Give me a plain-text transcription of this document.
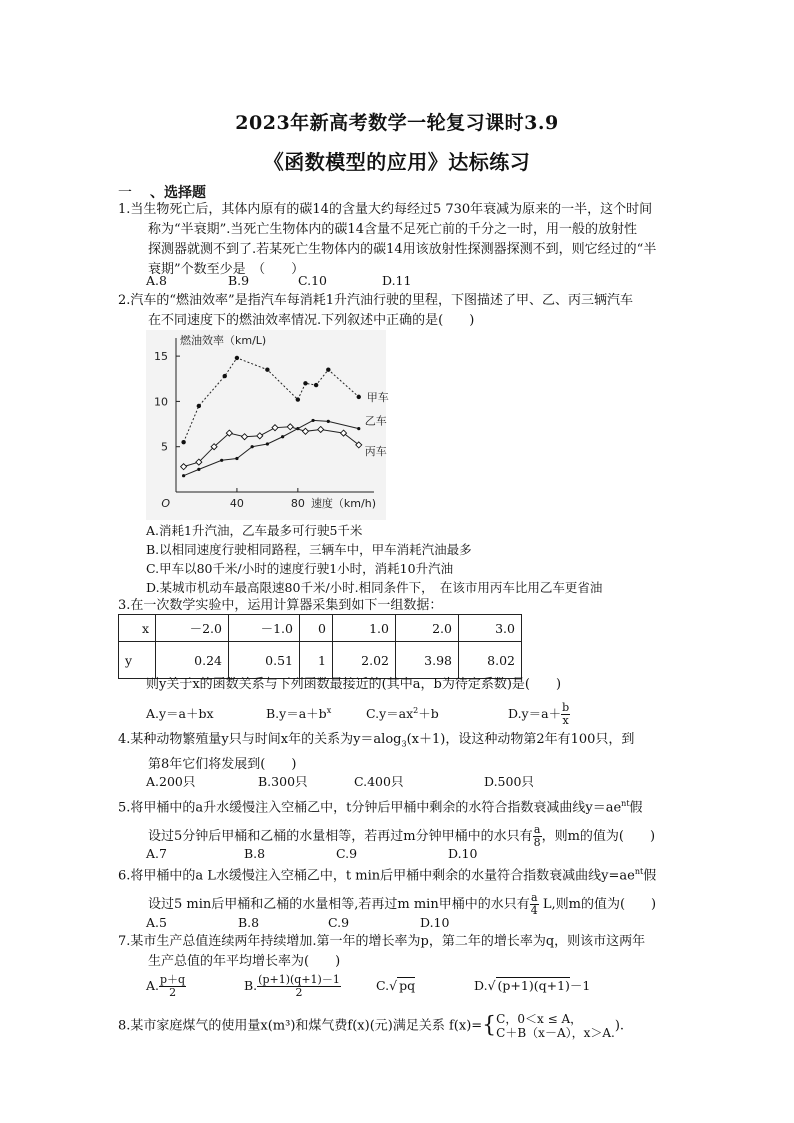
2023年新高考数学一轮复习课时3.9
《函数模型的应用》达标练习
一 、选择题
1.当生物死亡后，其体内原有的碳14的含量大约每经过5 730年衰减为原来的一半，这个时间
称为“半衰期”.当死亡生物体内的碳14含量不足死亡前的千分之一时，用一般的放射性
探测器就测不到了.若某死亡生物体内的碳14用该放射性探测器探测不到，则它经过的“半
衰期”个数至少是　（　　）
A.8	B.9	C.10	D.11
2.汽车的“燃油效率”是指汽车每消耗1升汽油行驶的里程，下图描述了甲、乙、丙三辆汽车
在不同速度下的燃油效率情况.下列叙述中正确的是(　　)
5
10
15
40	80
O
燃油效率（km/L)
速度（km/h)
甲车
乙车
丙车
A.消耗1升汽油，乙车最多可行驶5千米
B.以相同速度行驶相同路程，三辆车中，甲车消耗汽油最多
C.甲车以80千米/小时的速度行驶1小时，消耗10升汽油
D.某城市机动车最高限速80千米/小时.相同条件下，　在该市用丙车比用乙车更省油
3.在一次数学实验中，运用计算器采集到如下一组数据：
x	－2.0	－1.0	0	1.0	2.0	3.0
y	0.24	0.51	1	2.02	3.98	8.02
则y关于x的函数关系与下列函数最接近的(其中a，b为待定系数)是(　　)
A.y＝a＋bx	$B.y=a+b^x$	$C.y=ax^2+b$	$D.y=a+ \frac{b}{x}$
4.某种动物繁殖量y只与时间x年的关系为y＝alog$_3$(x＋1)，设这种动物第2年有100只，到
第8年它们将发展到(　　)
A.200只	B.300只	C.400只	D.500只
5.将甲桶中的a升水缓慢注入空桶乙中，t分钟后甲桶中剩余的水符合指数衰减曲线$y=ae^{nt}$假
设过5分钟后甲桶和乙桶的水量相等，若再过m分钟甲桶中的水只有 $\frac{a}{8}$ ，则m的值为(　　)
A.7	B.8	C.9	D.10
6.将甲桶中的a L水缓慢注入空桶乙中，t min后甲桶中剩余的水量符合指数衰减曲线$y=ae^{nt}$假
设过5 min后甲桶和乙桶的水量相等,若再过m min甲桶中的水只有 $\frac{a}{4} L$,则m的值为(　　)
A.5	B.8	C.9	D.10
7.某市生产总值连续两年持续增加.第一年的增长率为p，第二年的增长率为q，则该市这两年
生产总值的年平均增长率为(　　)
A. $\frac{p+q}{2}$	B. $\frac{(p+1)(q+1)-1}{2}$	C.√ pq	D.√ (p+1)(q+1)－1
8.某市家庭煤气的使用量x(m³)和煤气费f(x)(元)满足关系 f(x)={ C，0＜x ≤ A，
C＋B（x－A），x＞A. ).
